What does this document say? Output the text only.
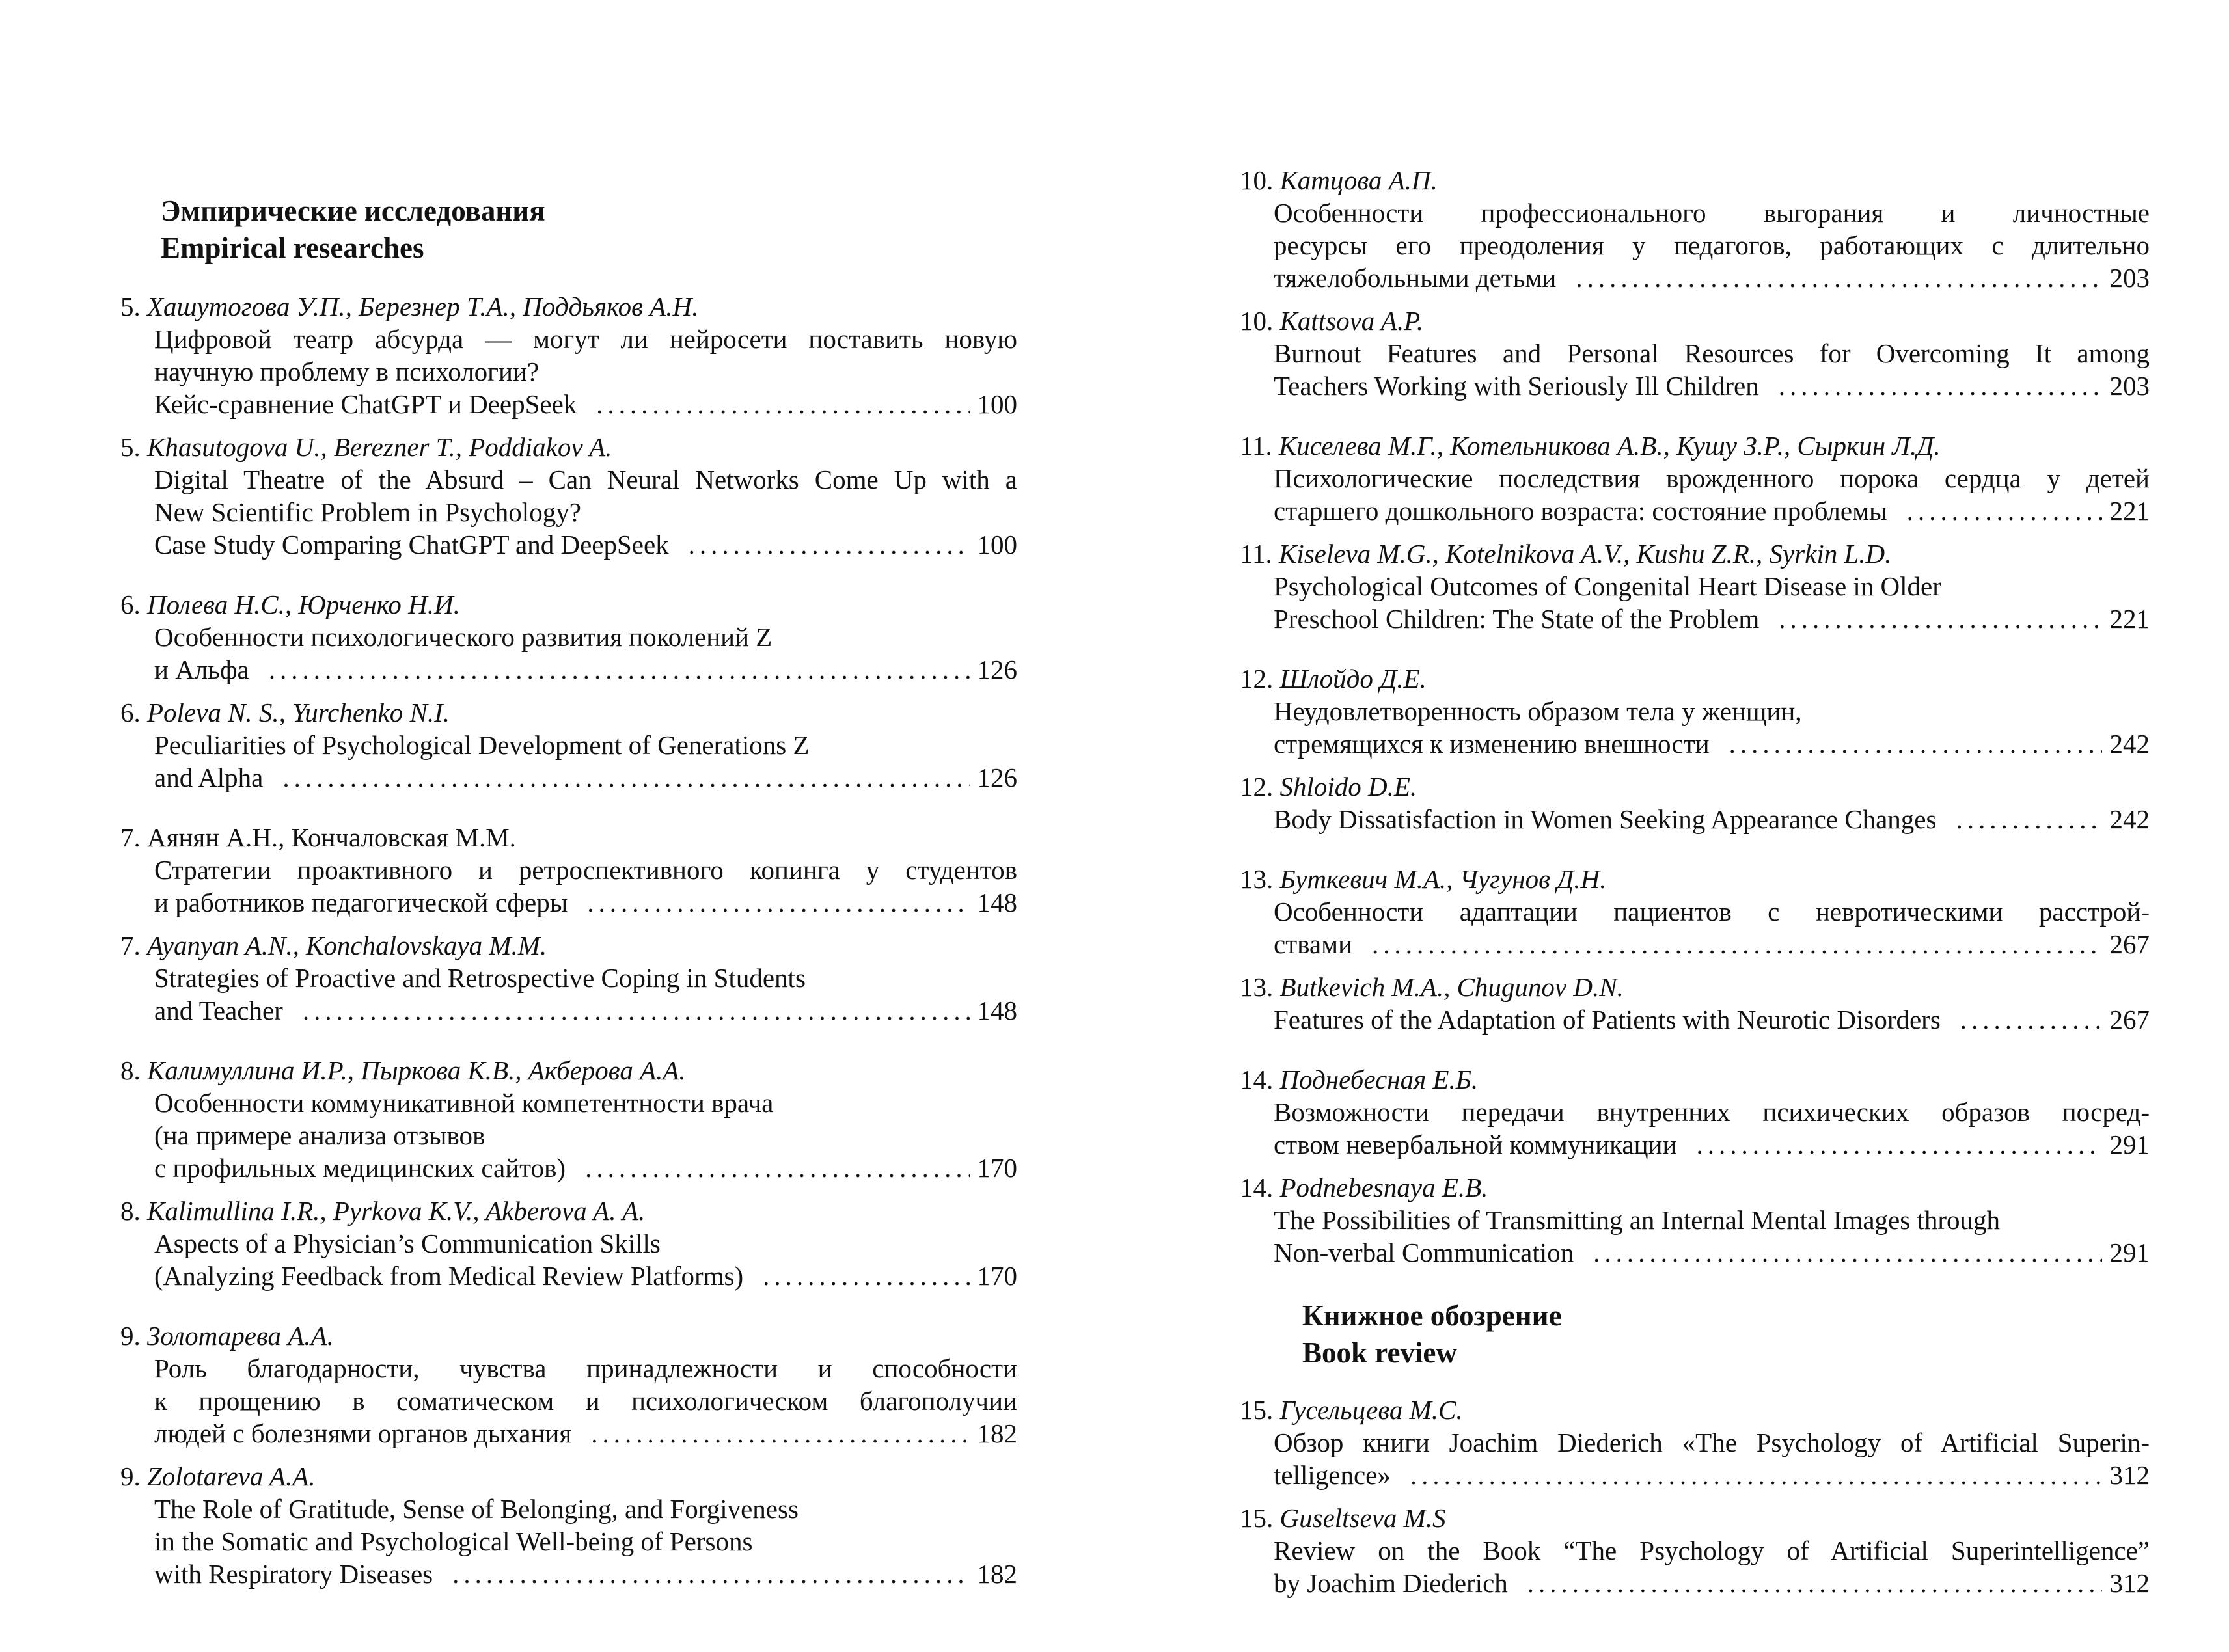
Эмпирические исследования
Empirical researches
5. Хашутогова У.П., Березнер Т.А., Поддьяков А.Н.
Цифровой театр абсурда — могут ли нейросети поставить новую
научную проблему в психологии?
Кейс-сравнение ChatGPT и DeepSeek .....	100
5. Khasutogova U., Berezner T., Poddiakov A.
Digital Theatre of the Absurd – Can Neural Networks Come Up with a
New Scientific Problem in Psychology?
Case Study Comparing ChatGPT and DeepSeek .....	100
6. Полева Н.С., Юрченко Н.И.
Особенности психологического развития поколений Z
и Альфа .....	126
6. Poleva N. S., Yurchenko N.I.
Peculiarities of Psychological Development of Generations Z
and Alpha .....	126
7. Аянян А.Н., Кончаловская М.М.
Стратегии проактивного и ретроспективного копинга у студентов
и работников педагогической сферы .....	148
7. Ayanyan A.N., Konchalovskaya M.M.
Strategies of Proactive and Retrospective Coping in Students
and Teacher .....	148
8. Калимуллина И.Р., Пыркова К.В., Акберова А.А.
Особенности коммуникативной компетентности врача
(на примере анализа отзывов
с профильных медицинских сайтов) .....	170
8. Kalimullina I.R., Pyrkova K.V., Akberova A. A.
Aspects of a Physician’s Communication Skills
(Analyzing Feedback from Medical Review Platforms) .....	170
9. Золотарева А.А.
Роль благодарности, чувства принадлежности и способности
к прощению в соматическом и психологическом благополучии
людей с болезнями органов дыхания .....	182
9. Zolotareva A.A.
The Role of Gratitude, Sense of Belonging, and Forgiveness
in the Somatic and Psychological Well-being of Persons
with Respiratory Diseases .....	182
10. Катцова А.П.
Особенности профессионального выгорания и личностные
ресурсы его преодоления у педагогов, работающих с длительно
тяжелобольными детьми .....	203
10. Kattsova A.P.
Burnout Features and Personal Resources for Overcoming It among
Teachers Working with Seriously Ill Children .....	203
11. Киселева М.Г., Котельникова А.В., Кушу З.Р., Сыркин Л.Д.
Психологические последствия врожденного порока сердца у детей
старшего дошкольного возраста: состояние проблемы .....	221
11. Kiseleva M.G., Kotelnikova A.V., Kushu Z.R., Syrkin L.D.
Psychological Outcomes of Congenital Heart Disease in Older
Preschool Children: The State of the Problem .....	221
12. Шлойдо Д.Е.
Неудовлетворенность образом тела у женщин,
стремящихся к изменению внешности .....	242
12. Shloido D.E.
Body Dissatisfaction in Women Seeking Appearance Changes .....	242
13. Буткевич М.А., Чугунов Д.Н.
Особенности адаптации пациентов с невротическими расстрой-
ствами .....	267
13. Butkevich M.A., Chugunov D.N.
Features of the Adaptation of Patients with Neurotic Disorders .....	267
14. Поднебесная Е.Б.
Возможности передачи внутренних психических образов посред-
ством невербальной коммуникации .....	291
14. Podnebesnaya E.B.
The Possibilities of Transmitting an Internal Mental Images through
Non-verbal Communication .....	291
Книжное обозрение
Book review
15. Гусельцева М.С.
Обзор книги Joachim Diederich «The Psychology of Artificial Superin-
telligence» .....	312
15. Guseltseva M.S
Review on the Book “The Psychology of Artificial Superintelligence”
by Joachim Diederich .....	312
